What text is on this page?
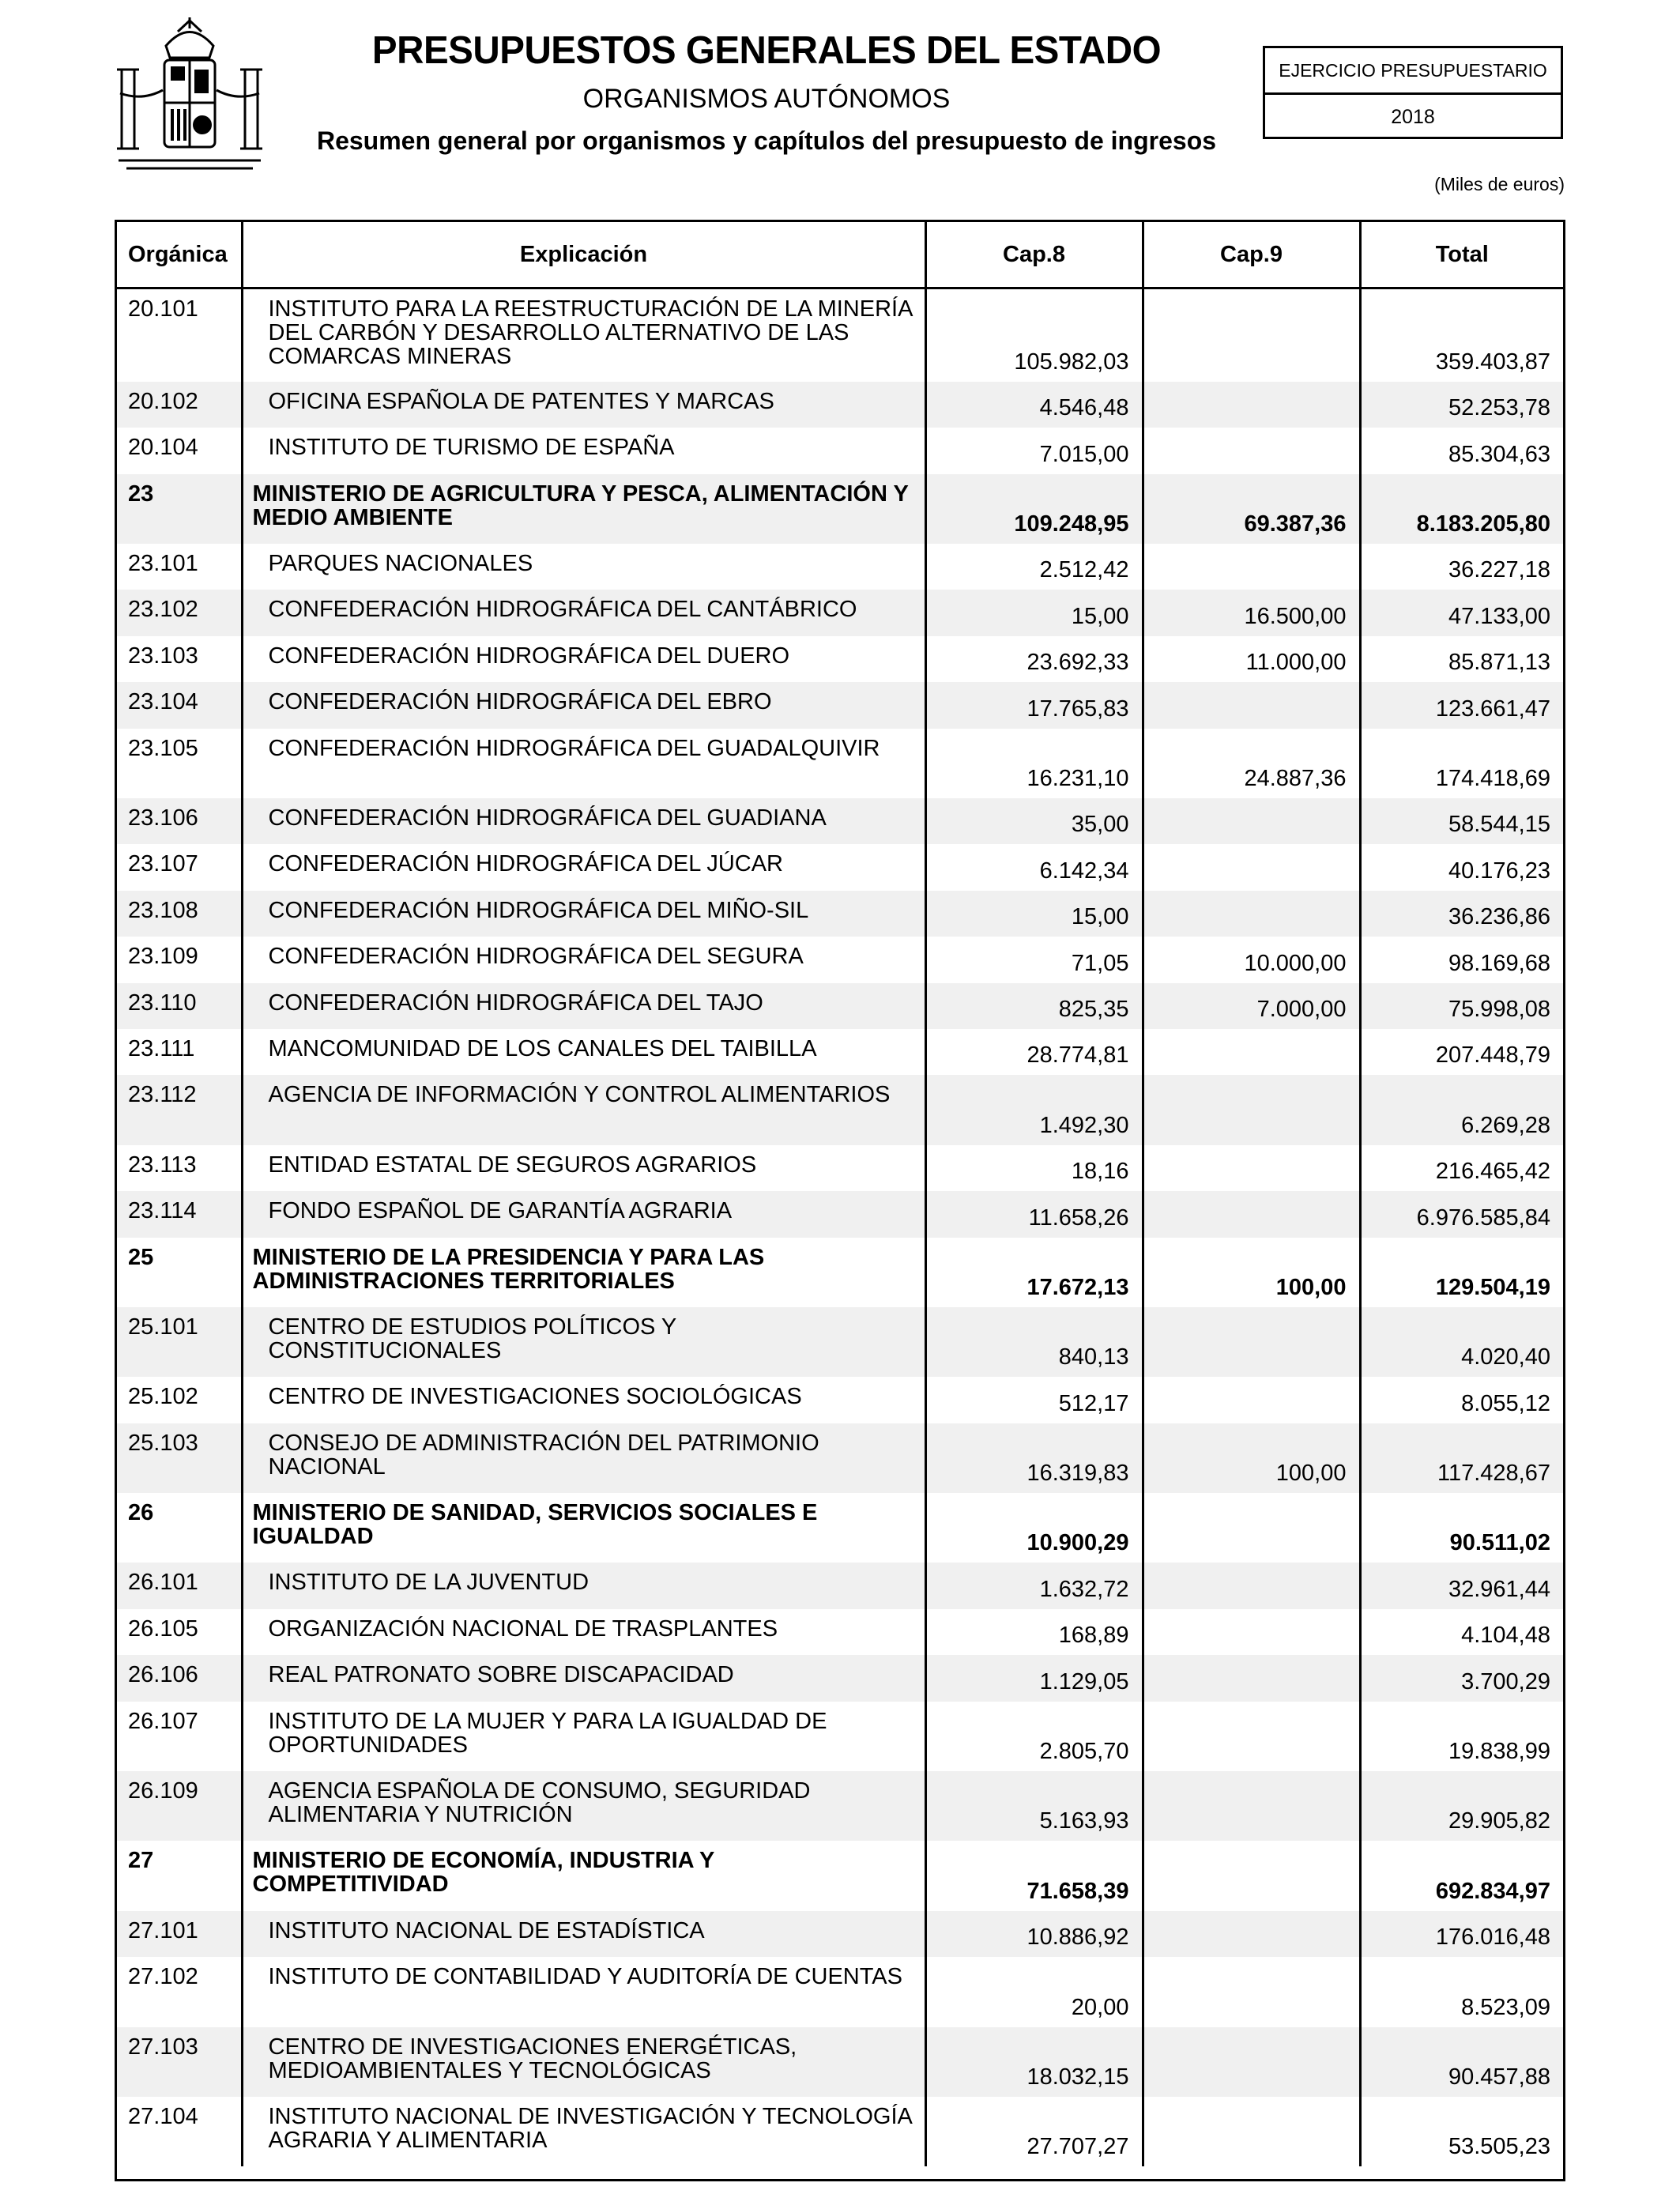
PRESUPUESTOS GENERALES DEL ESTADO
ORGANISMOS AUTÓNOMOS
Resumen general por organismos y capítulos del presupuesto de ingresos
EJERCICIO PRESUPUESTARIO
2018
(Miles de euros)
Orgánica	Explicación	Cap.8	Cap.9	Total
20.101	INSTITUTO PARA LA REESTRUCTURACIÓN DE LA MINERÍA DEL CARBÓN Y DESARROLLO ALTERNATIVO DE LAS COMARCAS MINERAS	105.982,03		359.403,87
20.102	OFICINA ESPAÑOLA DE PATENTES Y MARCAS	4.546,48		52.253,78
20.104	INSTITUTO DE TURISMO DE ESPAÑA	7.015,00		85.304,63
23	MINISTERIO DE AGRICULTURA Y PESCA, ALIMENTACIÓN Y MEDIO AMBIENTE	109.248,95	69.387,36	8.183.205,80
23.101	PARQUES NACIONALES	2.512,42		36.227,18
23.102	CONFEDERACIÓN HIDROGRÁFICA DEL CANTÁBRICO	15,00	16.500,00	47.133,00
23.103	CONFEDERACIÓN HIDROGRÁFICA DEL DUERO	23.692,33	11.000,00	85.871,13
23.104	CONFEDERACIÓN HIDROGRÁFICA DEL EBRO	17.765,83		123.661,47
23.105	CONFEDERACIÓN HIDROGRÁFICA DEL GUADALQUIVIR	16.231,10	24.887,36	174.418,69
23.106	CONFEDERACIÓN HIDROGRÁFICA DEL GUADIANA	35,00		58.544,15
23.107	CONFEDERACIÓN HIDROGRÁFICA DEL JÚCAR	6.142,34		40.176,23
23.108	CONFEDERACIÓN HIDROGRÁFICA DEL MIÑO-SIL	15,00		36.236,86
23.109	CONFEDERACIÓN HIDROGRÁFICA DEL SEGURA	71,05	10.000,00	98.169,68
23.110	CONFEDERACIÓN HIDROGRÁFICA DEL TAJO	825,35	7.000,00	75.998,08
23.111	MANCOMUNIDAD DE LOS CANALES DEL TAIBILLA	28.774,81		207.448,79
23.112	AGENCIA DE INFORMACIÓN Y CONTROL ALIMENTARIOS	1.492,30		6.269,28
23.113	ENTIDAD ESTATAL DE SEGUROS AGRARIOS	18,16		216.465,42
23.114	FONDO ESPAÑOL DE GARANTÍA AGRARIA	11.658,26		6.976.585,84
25	MINISTERIO DE LA PRESIDENCIA Y PARA LAS ADMINISTRACIONES TERRITORIALES	17.672,13	100,00	129.504,19
25.101	CENTRO DE ESTUDIOS POLÍTICOS Y CONSTITUCIONALES	840,13		4.020,40
25.102	CENTRO DE INVESTIGACIONES SOCIOLÓGICAS	512,17		8.055,12
25.103	CONSEJO DE ADMINISTRACIÓN DEL PATRIMONIO NACIONAL	16.319,83	100,00	117.428,67
26	MINISTERIO DE SANIDAD, SERVICIOS SOCIALES E IGUALDAD	10.900,29		90.511,02
26.101	INSTITUTO DE LA JUVENTUD	1.632,72		32.961,44
26.105	ORGANIZACIÓN NACIONAL DE TRASPLANTES	168,89		4.104,48
26.106	REAL PATRONATO SOBRE DISCAPACIDAD	1.129,05		3.700,29
26.107	INSTITUTO DE LA MUJER Y PARA LA IGUALDAD DE OPORTUNIDADES	2.805,70		19.838,99
26.109	AGENCIA ESPAÑOLA DE CONSUMO, SEGURIDAD ALIMENTARIA Y NUTRICIÓN	5.163,93		29.905,82
27	MINISTERIO DE ECONOMÍA, INDUSTRIA Y COMPETITIVIDAD	71.658,39		692.834,97
27.101	INSTITUTO NACIONAL DE ESTADÍSTICA	10.886,92		176.016,48
27.102	INSTITUTO DE CONTABILIDAD Y AUDITORÍA DE CUENTAS	20,00		8.523,09
27.103	CENTRO DE INVESTIGACIONES ENERGÉTICAS, MEDIOAMBIENTALES Y TECNOLÓGICAS	18.032,15		90.457,88
27.104	INSTITUTO NACIONAL DE INVESTIGACIÓN Y TECNOLOGÍA AGRARIA Y ALIMENTARIA	27.707,27		53.505,23
